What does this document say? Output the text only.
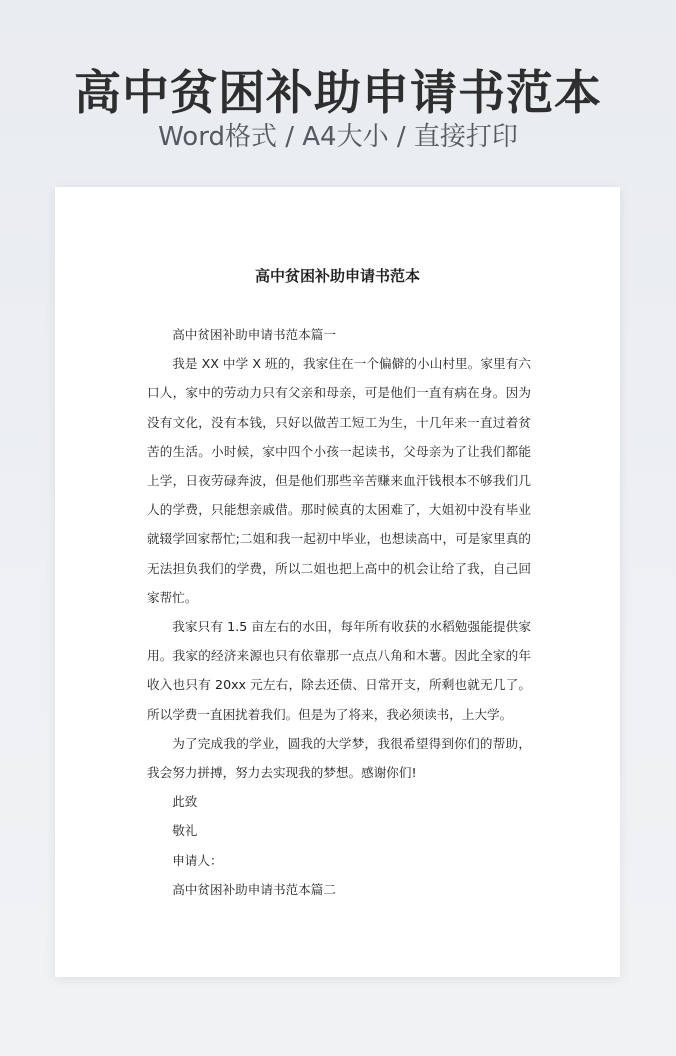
高中贫困补助申请书范本
Word格式 / A4大小 / 直接打印
高中贫困补助申请书范本

高中贫困补助申请书范本篇一

我是 XX 中学 X 班的，我家住在一个偏僻的小山村里。家里有六口人，家中的劳动力只有父亲和母亲，可是他们一直有病在身。因为没有文化，没有本钱，只好以做苦工短工为生，十几年来一直过着贫苦的生活。小时候，家中四个小孩一起读书，父母亲为了让我们都能上学，日夜劳碌奔波，但是他们那些辛苦赚来血汗钱根本不够我们几人的学费，只能想亲戚借。那时候真的太困难了，大姐初中没有毕业就辍学回家帮忙;二姐和我一起初中毕业，也想读高中，可是家里真的无法担负我们的学费，所以二姐也把上高中的机会让给了我，自己回家帮忙。

我家只有 1.5 亩左右的水田，每年所有收获的水稻勉强能提供家用。我家的经济来源也只有依靠那一点点八角和木薯。因此全家的年收入也只有 20xx 元左右，除去还债、日常开支，所剩也就无几了。所以学费一直困扰着我们。但是为了将来，我必须读书，上大学。

为了完成我的学业，圆我的大学梦，我很希望得到你们的帮助，我会努力拼搏，努力去实现我的梦想。感谢你们!

此致

敬礼

申请人：

高中贫困补助申请书范本篇二
